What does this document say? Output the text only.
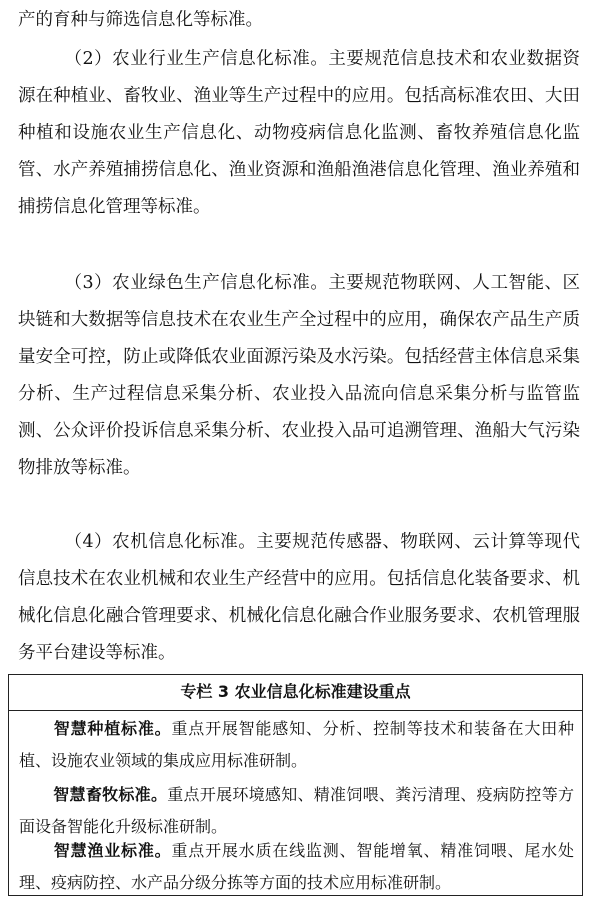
产的育种与筛选信息化等标准。
（2）农业行业生产信息化标准。主要规范信息技术和农业数据资源在种植业、畜牧业、渔业等生产过程中的应用。包括高标准农田、大田种植和设施农业生产信息化、动物疫病信息化监测、畜牧养殖信息化监管、水产养殖捕捞信息化、渔业资源和渔船渔港信息化管理、渔业养殖和捕捞信息化管理等标准。
（3）农业绿色生产信息化标准。主要规范物联网、人工智能、区块链和大数据等信息技术在农业生产全过程中的应用，确保农产品生产质量安全可控，防止或降低农业面源污染及水污染。包括经营主体信息采集分析、生产过程信息采集分析、农业投入品流向信息采集分析与监管监测、公众评价投诉信息采集分析、农业投入品可追溯管理、渔船大气污染物排放等标准。
（4）农机信息化标准。主要规范传感器、物联网、云计算等现代信息技术在农业机械和农业生产经营中的应用。包括信息化装备要求、机械化信息化融合管理要求、机械化信息化融合作业服务要求、农机管理服务平台建设等标准。
专栏 3 农业信息化标准建设重点
智慧种植标准。重点开展智能感知、分析、控制等技术和装备在大田种植、设施农业领域的集成应用标准研制。
智慧畜牧标准。重点开展环境感知、精准饲喂、粪污清理、疫病防控等方面设备智能化升级标准研制。
智慧渔业标准。重点开展水质在线监测、智能增氧、精准饲喂、尾水处理、疫病防控、水产品分级分拣等方面的技术应用标准研制。
